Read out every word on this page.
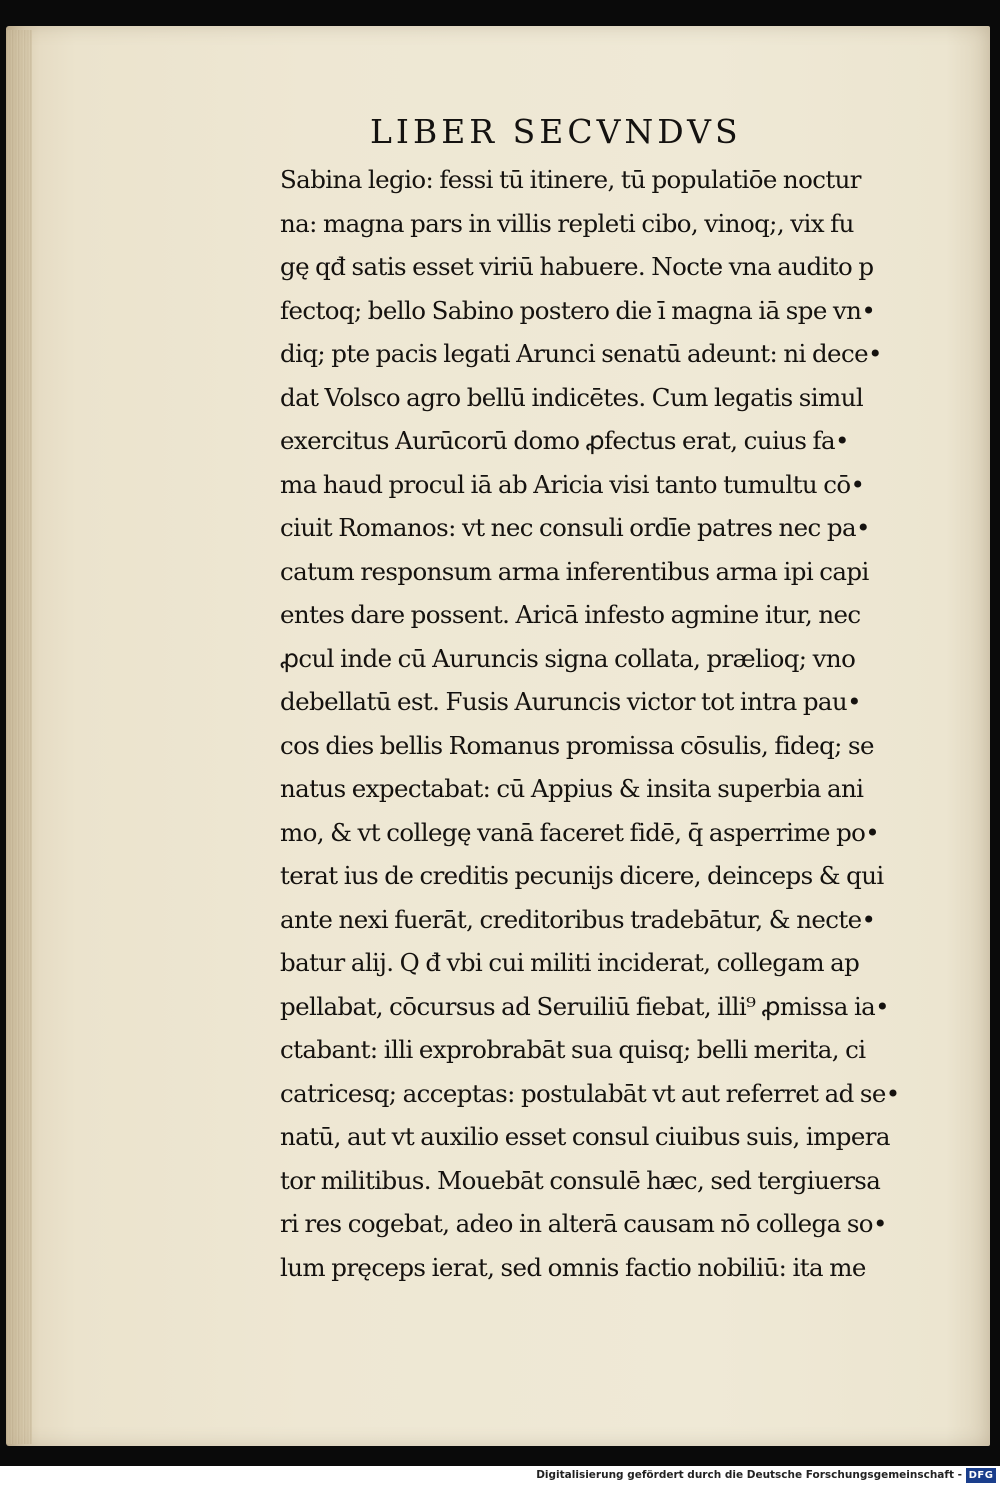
LIBER SECVNDVS
Sabina legio: fessi tū itinere, tū populatiōe noctur
na: magna pars in villis repleti cibo, vinoq;, vix fu
gę qđ satis esset viriū habuere. Nocte vna audito p
fectoq; bello Sabino postero die ī magna iā spe vn•
diq; pte pacis legati Arunci senatū adeunt: ni dece•
dat Volsco agro bellū indicētes. Cum legatis simul
exercitus Aurūcorū domo ꝓfectus erat, cuius fa•
ma haud procul iā ab Aricia visi tanto tumultu cō•
ciuit Romanos: vt nec consuli ordīe patres nec pa•
catum responsum arma inferentibus arma ipi capi
entes dare possent. Aricā infesto agmine itur, nec
ꝓcul inde cū Auruncis signa collata, prælioq; vno
debellatū est. Fusis Auruncis victor tot intra pau•
cos dies bellis Romanus promissa cōsulis, fideq; se
natus expectabat: cū Appius & insita superbia ani
mo, & vt collegę vanā faceret fidē, q̄ asperrime po•
terat ius de creditis pecunijs dicere, deinceps & qui
ante nexi fuerāt, creditoribus tradebātur, & necte•
batur alij. Q đ vbi cui militi inciderat, collegam ap
pellabat, cōcursus ad Seruiliū fiebat, illi⁹ ꝓmissa ia•
ctabant: illi exprobrabāt sua quisq; belli merita, ci
catricesq; acceptas: postulabāt vt aut referret ad se•
natū, aut vt auxilio esset consul ciuibus suis, impera
tor militibus. Mouebāt consulē hæc, sed tergiuersa
ri res cogebat, adeo in alterā causam nō collega so•
lum pręceps ierat, sed omnis factio nobiliū: ita me
Digitalisierung gefördert durch die Deutsche Forschungsgemeinschaft - DFG
